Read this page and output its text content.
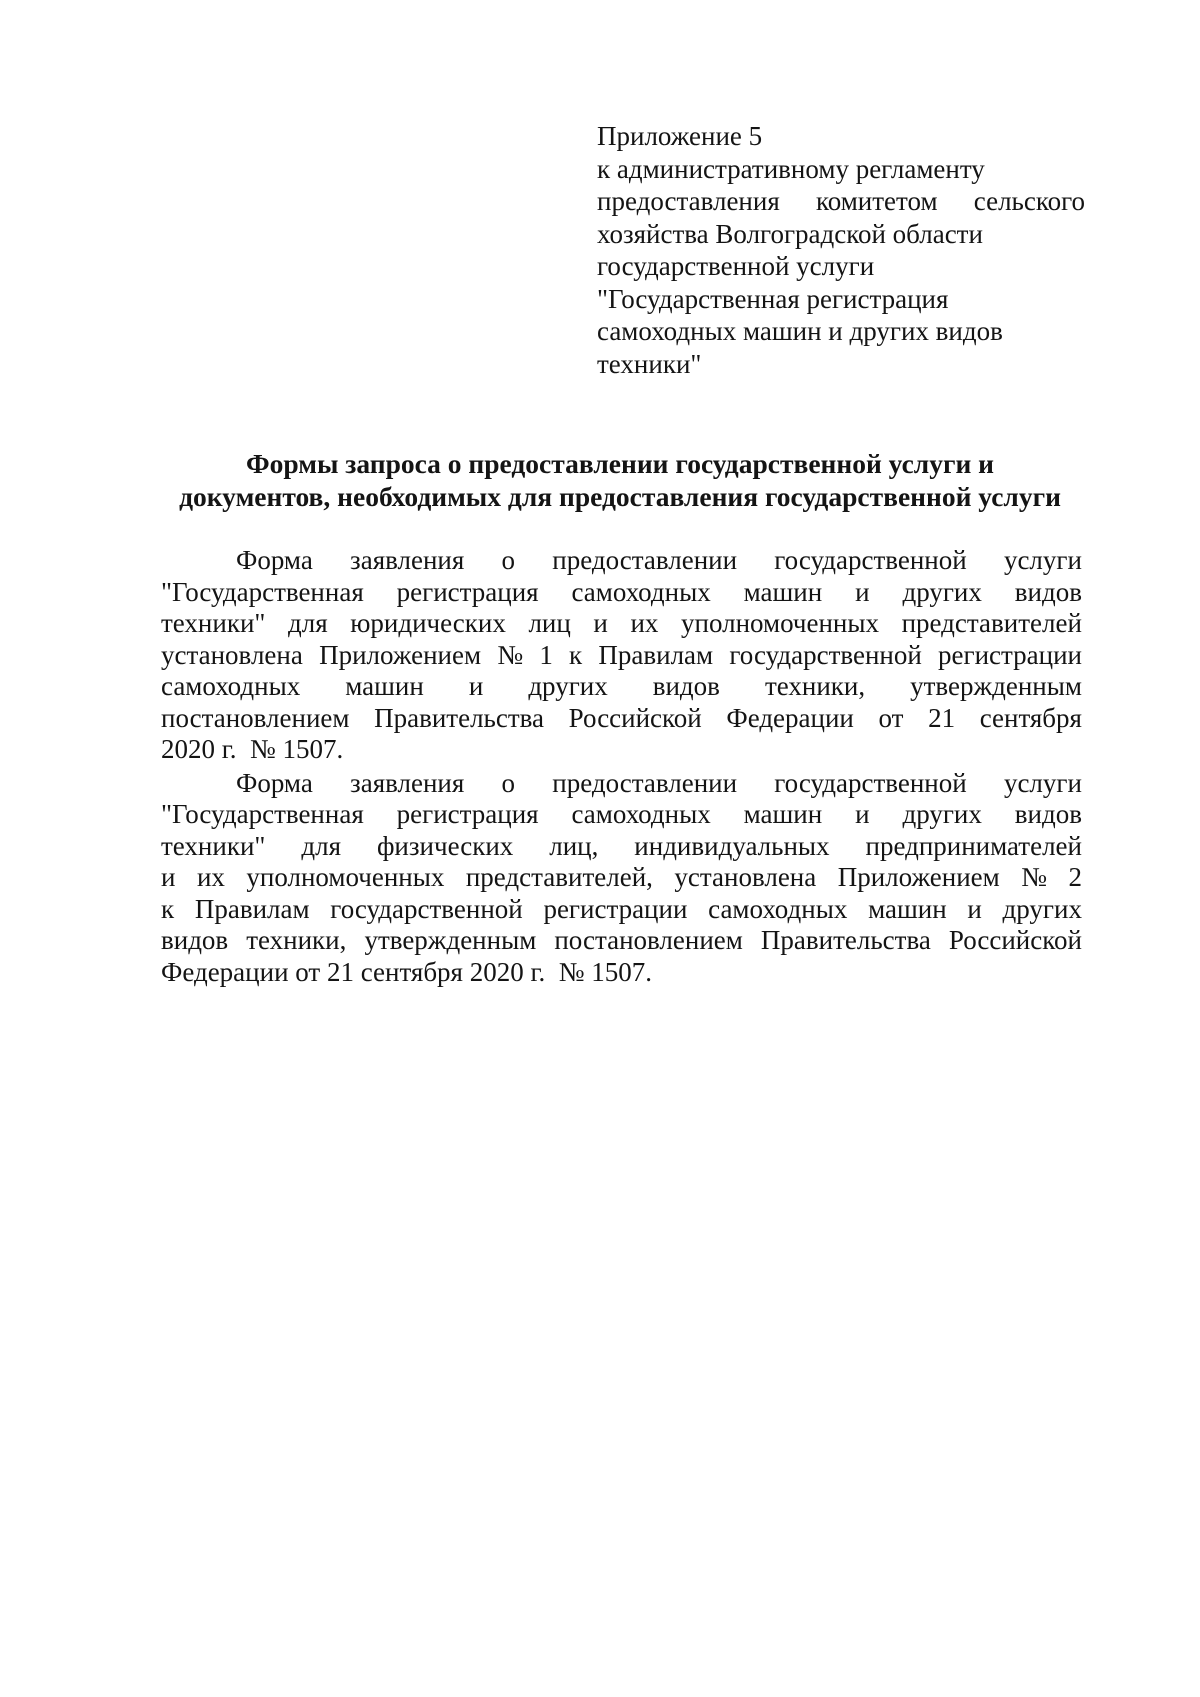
Приложение 5
к административному регламенту
предоставления комитетом сельского
хозяйства Волгоградской области
государственной услуги
"Государственная регистрация
самоходных машин и других видов
техники"
Формы запроса о предоставлении государственной услуги и
документов, необходимых для предоставления государственной услуги
Форма заявления о предоставлении государственной услуги
"Государственная регистрация самоходных машин и других видов
техники" для юридических лиц и их уполномоченных представителей
установлена Приложением № 1 к Правилам государственной регистрации
самоходных машин и других видов техники, утвержденным
постановлением Правительства Российской Федерации от 21 сентября
2020 г.  № 1507.
Форма заявления о предоставлении государственной услуги
"Государственная регистрация самоходных машин и других видов
техники" для физических лиц, индивидуальных предпринимателей
и их уполномоченных представителей, установлена Приложением № 2
к Правилам государственной регистрации самоходных машин и других
видов техники, утвержденным постановлением Правительства Российской
Федерации от 21 сентября 2020 г.  № 1507.
